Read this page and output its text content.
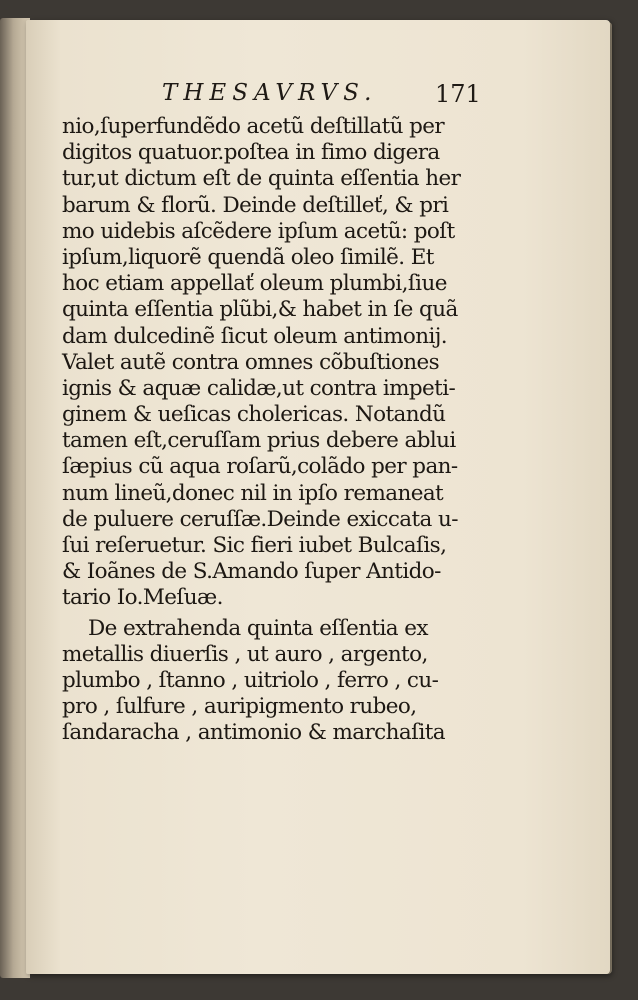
THESAVRVS. 171
nio,ſuperfundẽdo acetũ deſtillatũ per
digitos quatuor.poſtea in fimo digera
tur,ut dictum eſt de quinta eſſentia her
barum & florũ. Deinde deſtilleť, & pri
mo uidebis aſcẽdere ipſum acetũ: poſt
ipſum,liquorẽ quendã oleo ſimilẽ. Et
hoc etiam appellať oleum plumbi,ſiue
quinta eſſentia plũbi,& habet in ſe quã
dam dulcedinẽ ſicut oleum antimonij.
Valet autẽ contra omnes cõbuſtiones
ignis & aquæ calidæ,ut contra impeti-
ginem & ueſicas cholericas. Notandũ
tamen eſt,ceruſſam prius debere ablui
ſæpius cũ aqua roſarũ,colãdo per pan-
num lineũ,donec nil in ipſo remaneat
de puluere ceruſſæ.Deinde exiccata u-
ſui reſeruetur. Sic fieri iubet Bulcaſis,
& Ioãnes de S.Amando ſuper Antido-
tario Io.Meſuæ.
De extrahenda quinta eſſentia ex
metallis diuerſis , ut auro , argento,
plumbo , ſtanno , uitriolo , ferro , cu-
pro , ſulfure , auripigmento rubeo,
ſandaracha , antimonio & marchaſita
